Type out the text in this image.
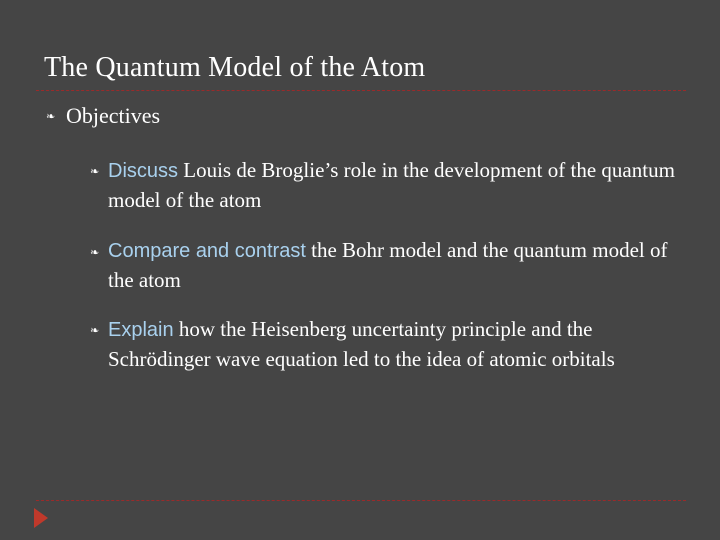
The Quantum Model of the Atom
❧ Objectives
❧ Discuss Louis de Broglie’s role in the development of the quantum model of the atom
❧ Compare and contrast the Bohr model and the quantum model of the atom
❧ Explain how the Heisenberg uncertainty principle and the Schrödinger wave equation led to the idea of atomic orbitals
